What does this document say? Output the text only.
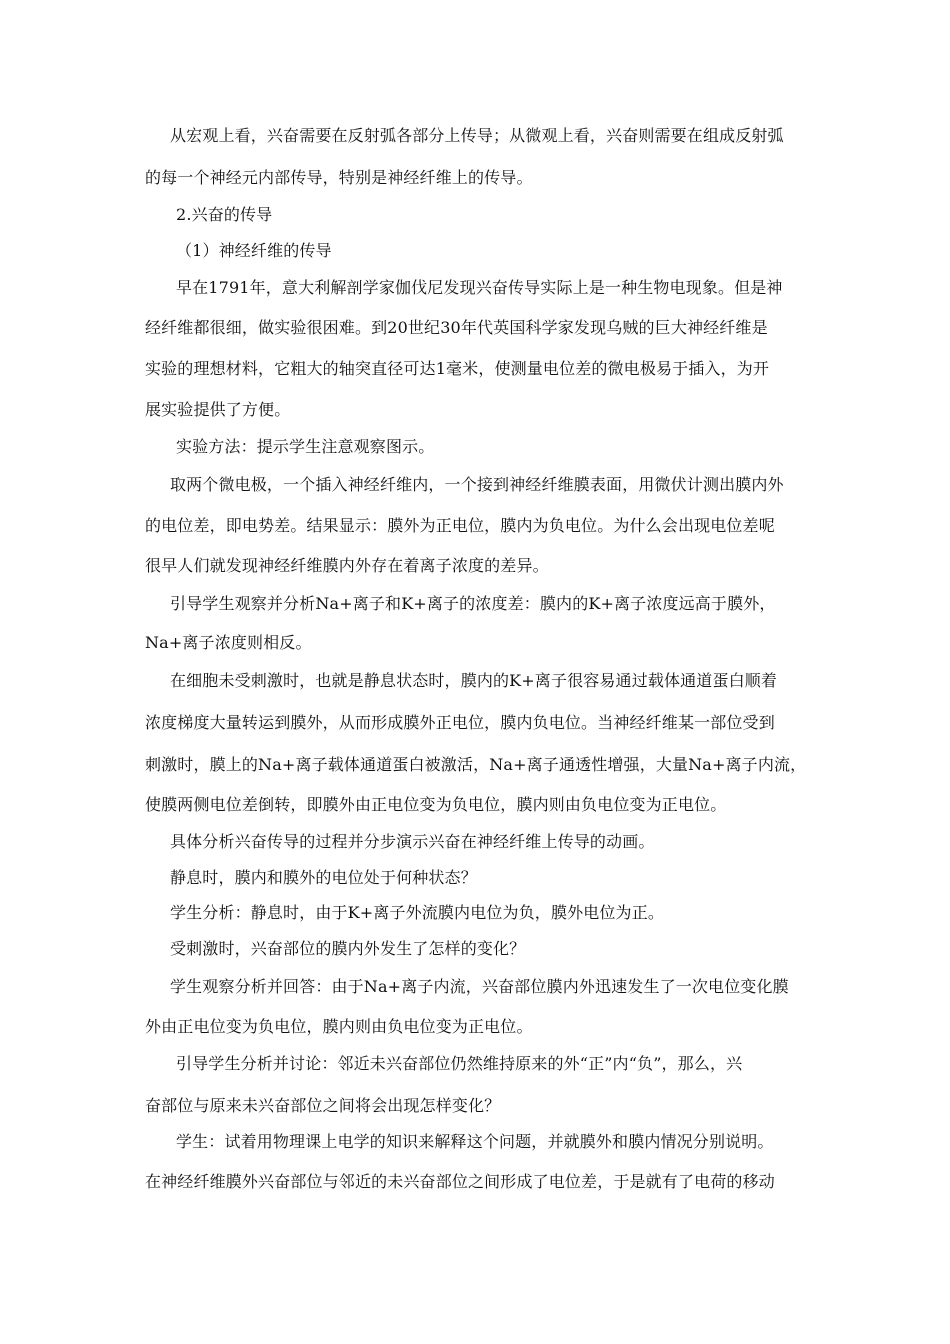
从宏观上看，兴奋需要在反射弧各部分上传导；从微观上看，兴奋则需要在组成反射弧
的每一个神经元内部传导，特别是神经纤维上的传导。
2.兴奋的传导
（1）神经纤维的传导
早在1791年，意大利解剖学家伽伐尼发现兴奋传导实际上是一种生物电现象。但是神
经纤维都很细，做实验很困难。到20世纪30年代英国科学家发现乌贼的巨大神经纤维是
实验的理想材料，它粗大的轴突直径可达1毫米，使测量电位差的微电极易于插入，为开
展实验提供了方便。
实验方法：提示学生注意观察图示。
取两个微电极，一个插入神经纤维内，一个接到神经纤维膜表面，用微伏计测出膜内外
的电位差，即电势差。结果显示：膜外为正电位，膜内为负电位。为什么会出现电位差呢
很早人们就发现神经纤维膜内外存在着离子浓度的差异。
引导学生观察并分析Na+离子和K+离子的浓度差：膜内的K+离子浓度远高于膜外，
Na+离子浓度则相反。
在细胞未受刺激时，也就是静息状态时，膜内的K+离子很容易通过载体通道蛋白顺着
浓度梯度大量转运到膜外，从而形成膜外正电位，膜内负电位。当神经纤维某一部位受到
刺激时，膜上的Na+离子载体通道蛋白被激活，Na+离子通透性增强，大量Na+离子内流，
使膜两侧电位差倒转，即膜外由正电位变为负电位，膜内则由负电位变为正电位。
具体分析兴奋传导的过程并分步演示兴奋在神经纤维上传导的动画。
静息时，膜内和膜外的电位处于何种状态？
学生分析：静息时，由于K+离子外流膜内电位为负，膜外电位为正。
受刺激时，兴奋部位的膜内外发生了怎样的变化？
学生观察分析并回答：由于Na+离子内流，兴奋部位膜内外迅速发生了一次电位变化膜
外由正电位变为负电位，膜内则由负电位变为正电位。
引导学生分析并讨论：邻近未兴奋部位仍然维持原来的外“正”内“负”，那么，兴
奋部位与原来未兴奋部位之间将会出现怎样变化？
学生：试着用物理课上电学的知识来解释这个问题，并就膜外和膜内情况分别说明。
在神经纤维膜外兴奋部位与邻近的未兴奋部位之间形成了电位差，于是就有了电荷的移动
